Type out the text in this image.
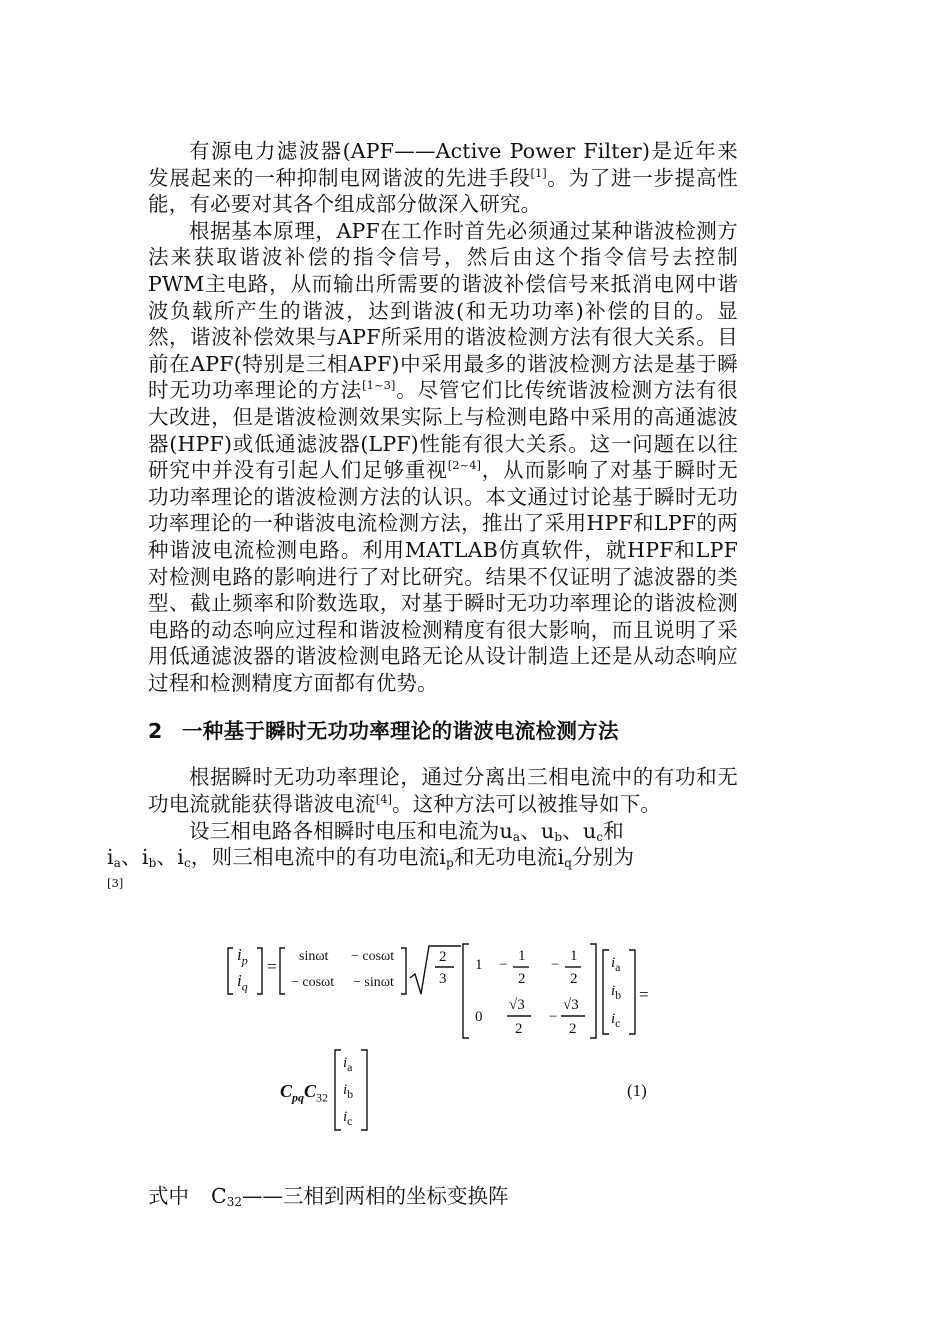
有源电力滤波器(APF——Active Power Filter)是近年来发展起来的一种抑制电网谐波的先进手段[1]。为了进一步提高性能，有必要对其各个组成部分做深入研究。

根据基本原理，APF在工作时首先必须通过某种谐波检测方法来获取谐波补偿的指令信号，然后由这个指令信号去控制PWM主电路，从而输出所需要的谐波补偿信号来抵消电网中谐波负载所产生的谐波，达到谐波(和无功功率)补偿的目的。显然，谐波补偿效果与APF所采用的谐波检测方法有很大关系。目前在APF(特别是三相APF)中采用最多的谐波检测方法是基于瞬时无功功率理论的方法[1~3]。尽管它们比传统谐波检测方法有很大改进，但是谐波检测效果实际上与检测电路中采用的高通滤波器(HPF)或低通滤波器(LPF)性能有很大关系。这一问题在以往研究中并没有引起人们足够重视[2~4]，从而影响了对基于瞬时无功功率理论的谐波检测方法的认识。本文通过讨论基于瞬时无功功率理论的一种谐波电流检测方法，推出了采用HPF和LPF的两种谐波电流检测电路。利用MATLAB仿真软件，就HPF和LPF对检测电路的影响进行了对比研究。结果不仅证明了滤波器的类型、截止频率和阶数选取，对基于瞬时无功功率理论的谐波检测电路的动态响应过程和谐波检测精度有很大影响，而且说明了采用低通滤波器的谐波检测电路无论从设计制造上还是从动态响应过程和检测精度方面都有优势。

2 一种基于瞬时无功功率理论的谐波电流检测方法

根据瞬时无功功率理论，通过分离出三相电流中的有功和无功电流就能获得谐波电流[4]。这种方法可以被推导如下。

设三相电路各相瞬时电压和电流为$u_a$、$u_b$、$u_c$和
$i_a$、$i_b$、$i_c$，则三相电流中的有功电流$i_p$和无功电流$i_q$分别为
[3]

$i_p$
$i_q$
=
sinωt − cosωt
− cosωt − sinωt
2
3
1 −
1
2
−
1
2
0
√3
2
−
√3
2
$i_a$
$i_b$
$i_c$
=
$C_{pq}C_{32}$
$i_a$
$i_b$
$i_c$
(1)
式中 $C_{32}——$三相到两相的坐标变换阵
